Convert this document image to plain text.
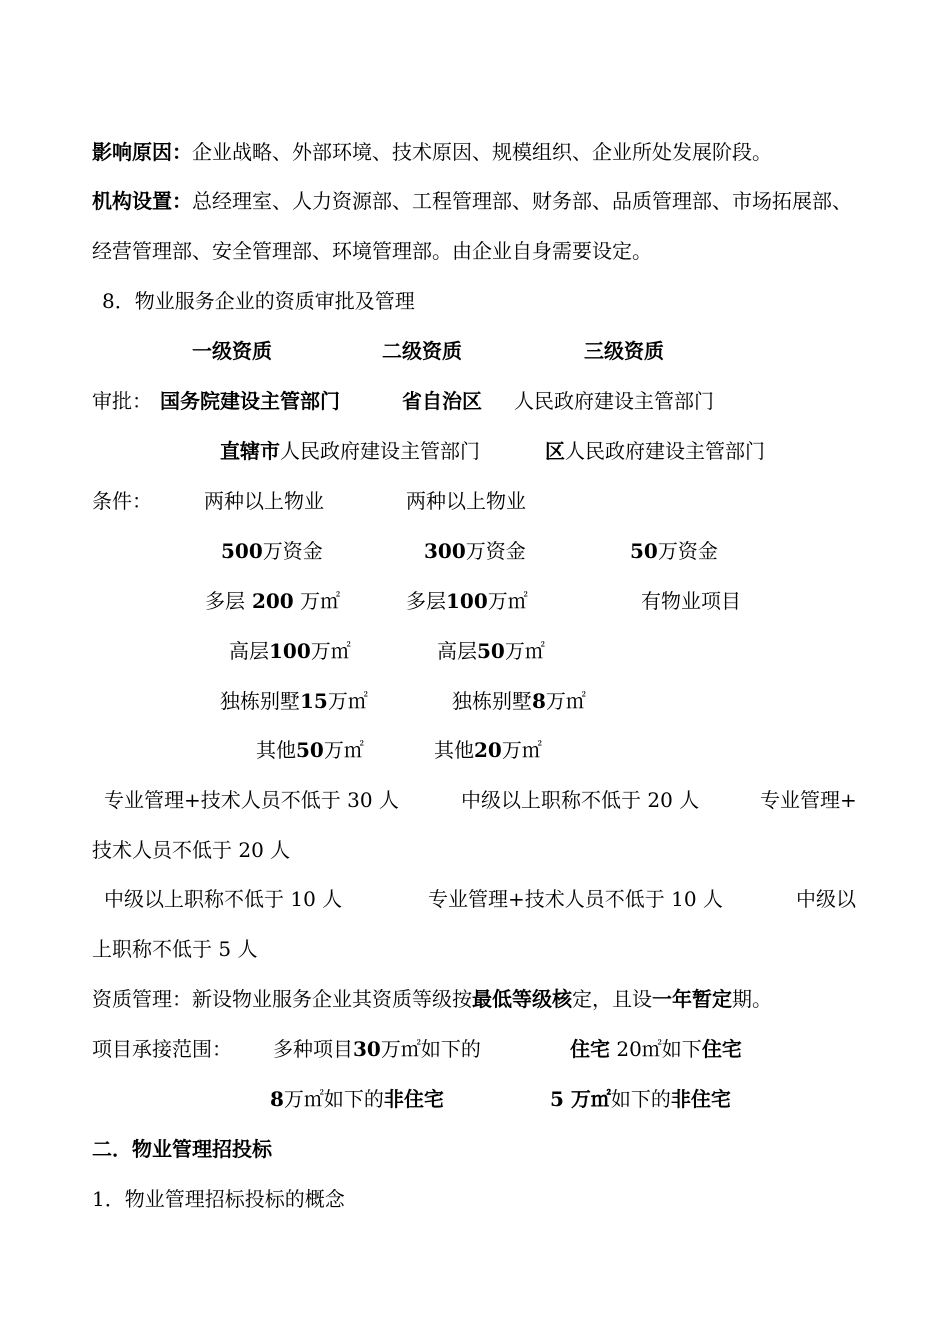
影响原因：企业战略、外部环境、技术原因、规模组织、企业所处发展阶段。
机构设置：总经理室、人力资源部、工程管理部、财务部、品质管理部、市场拓展部、
经营管理部、安全管理部、环境管理部。由企业自身需要设定。
8．物业服务企业的资质审批及管理
一级资质	二级资质	三级资质
审批： 国务院建设主管部门	省自治区 人民政府建设主管部门
直辖市人民政府建设主管部门	区人民政府建设主管部门
条件：	两种以上物业	两种以上物业
500万资金	300万资金	50万资金
多层 200 万㎡	多层100万㎡	有物业项目
高层100万㎡	高层50万㎡
独栋别墅15万㎡	独栋别墅8万㎡
其他50万㎡	其他20万㎡
专业管理+技术人员不低于 30 人	中级以上职称不低于 20 人	专业管理+
技术人员不低于 20 人
中级以上职称不低于 10 人	专业管理+技术人员不低于 10 人	中级以
上职称不低于 5 人
资质管理：新设物业服务企业其资质等级按最低等级核定，且设一年暂定期。
项目承接范围： 多种项目30万㎡如下的	住宅 20㎡如下住宅
8万㎡如下的非住宅	5 万㎡如下的非住宅
二．物业管理招投标
1．物业管理招标投标的概念
